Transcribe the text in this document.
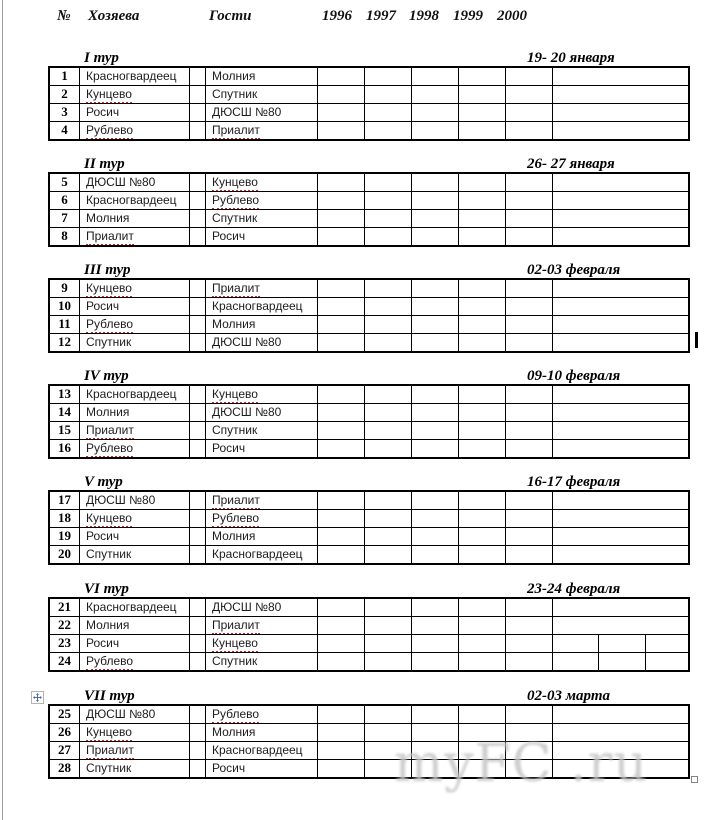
№ Хозяева	Гости	1996 1997 1998 1999 2000
I тур	19- 20 января
1	Красногвардеец	Молния
2	Кунцево	Спутник
3	Росич	ДЮСШ №80
4	Рублево	Приалит
II тур	26- 27 января
5	ДЮСШ №80	Кунцево
6	Красногвардеец	Рублево
7	Молния	Спутник
8	Приалит	Росич
III тур	02-03 февраля
9	Кунцево	Приалит
10	Росич	Красногвардеец
11	Рублево	Молния
12	Спутник	ДЮСШ №80
IV тур	09-10 февраля
13	Красногвардеец	Кунцево
14	Молния	ДЮСШ №80
15	Приалит	Спутник
16	Рублево	Росич
V тур	16-17 февраля
17	ДЮСШ №80	Приалит
18	Кунцево	Рублево
19	Росич	Молния
20	Спутник	Красногвардеец
VI тур	23-24 февраля
21	Красногвардеец	ДЮСШ №80
22	Молния	Приалит
23	Росич	Кунцево
24	Рублево	Спутник
VII тур	02-03 марта
25	ДЮСШ №80	Рублево
26	Кунцево	Молния
27	Приалит	Красногвардеец
28	Спутник	Росич	myFC .ru
